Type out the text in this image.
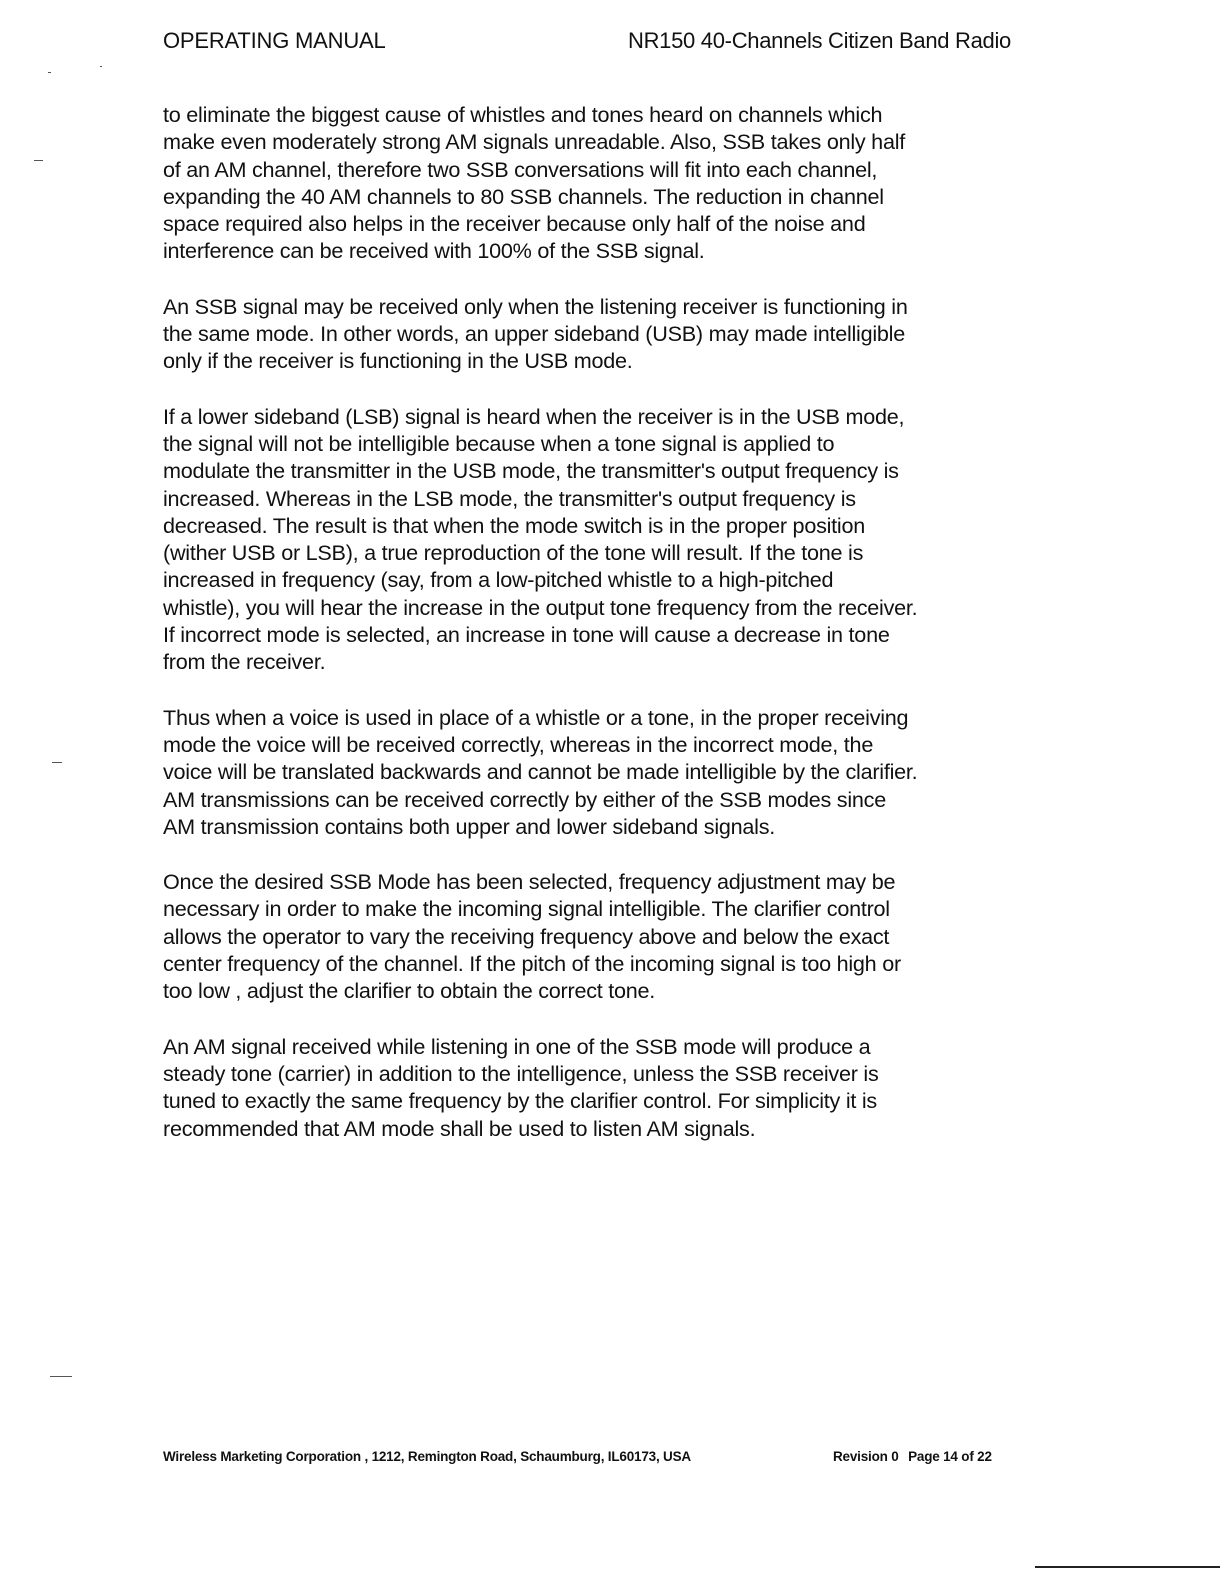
OPERATING MANUAL	NR150 40-Channels Citizen Band Radio

to eliminate the biggest cause of whistles and tones heard on channels which
make even moderately strong AM signals unreadable. Also, SSB takes only half
of an AM channel, therefore two SSB conversations will fit into each channel,
expanding the 40 AM channels to 80 SSB channels. The reduction in channel
space required also helps in the receiver because only half of the noise and
interference can be received with 100% of the SSB signal.

An SSB signal may be received only when the listening receiver is functioning in
the same mode. In other words, an upper sideband (USB) may made intelligible
only if the receiver is functioning in the USB mode.

If a lower sideband (LSB) signal is heard when the receiver is in the USB mode,
the signal will not be intelligible because when a tone signal is applied to
modulate the transmitter in the USB mode, the transmitter's output frequency is
increased. Whereas in the LSB mode, the transmitter's output frequency is
decreased. The result is that when the mode switch is in the proper position
(wither USB or LSB), a true reproduction of the tone will result. If the tone is
increased in frequency (say, from a low-pitched whistle to a high-pitched
whistle), you will hear the increase in the output tone frequency from the receiver.
If incorrect mode is selected, an increase in tone will cause a decrease in tone
from the receiver.

Thus when a voice is used in place of a whistle or a tone, in the proper receiving
mode the voice will be received correctly, whereas in the incorrect mode, the
voice will be translated backwards and cannot be made intelligible by the clarifier.
AM transmissions can be received correctly by either of the SSB modes since
AM transmission contains both upper and lower sideband signals.

Once the desired SSB Mode has been selected, frequency adjustment may be
necessary in order to make the incoming signal intelligible. The clarifier control
allows the operator to vary the receiving frequency above and below the exact
center frequency of the channel. If the pitch of the incoming signal is too high or
too low , adjust the clarifier to obtain the correct tone.

An AM signal received while listening in one of the SSB mode will produce a
steady tone (carrier) in addition to the intelligence, unless the SSB receiver is
tuned to exactly the same frequency by the clarifier control. For simplicity it is
recommended that AM mode shall be used to listen AM signals.

Wireless Marketing Corporation , 1212, Remington Road, Schaumburg, IL60173, USA	Revision 0 Page 14 of 22
